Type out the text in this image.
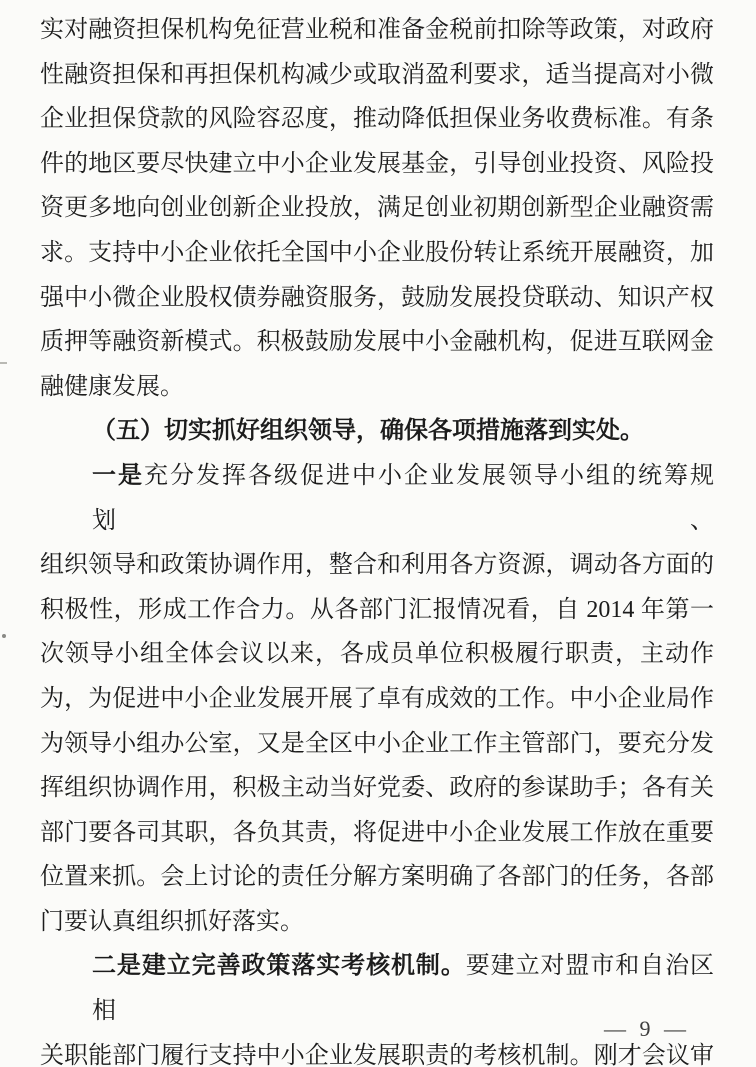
实对融资担保机构免征营业税和准备金税前扣除等政策，对政府
性融资担保和再担保机构减少或取消盈利要求，适当提高对小微
企业担保贷款的风险容忍度，推动降低担保业务收费标准。有条
件的地区要尽快建立中小企业发展基金，引导创业投资、风险投
资更多地向创业创新企业投放，满足创业初期创新型企业融资需
求。支持中小企业依托全国中小企业股份转让系统开展融资，加
强中小微企业股权债券融资服务，鼓励发展投贷联动、知识产权
质押等融资新模式。积极鼓励发展中小金融机构，促进互联网金
融健康发展。
（五）切实抓好组织领导，确保各项措施落到实处。
一是充分发挥各级促进中小企业发展领导小组的统筹规划、
组织领导和政策协调作用，整合和利用各方资源，调动各方面的
积极性，形成工作合力。从各部门汇报情况看，自 2014 年第一
次领导小组全体会议以来，各成员单位积极履行职责，主动作
为，为促进中小企业发展开展了卓有成效的工作。中小企业局作
为领导小组办公室，又是全区中小企业工作主管部门，要充分发
挥组织协调作用，积极主动当好党委、政府的参谋助手；各有关
部门要各司其职，各负其责，将促进中小企业发展工作放在重要
位置来抓。会上讨论的责任分解方案明确了各部门的任务，各部
门要认真组织抓好落实。
二是建立完善政策落实考核机制。要建立对盟市和自治区相
关职能部门履行支持中小企业发展职责的考核机制。刚才会议审
— 9 —
